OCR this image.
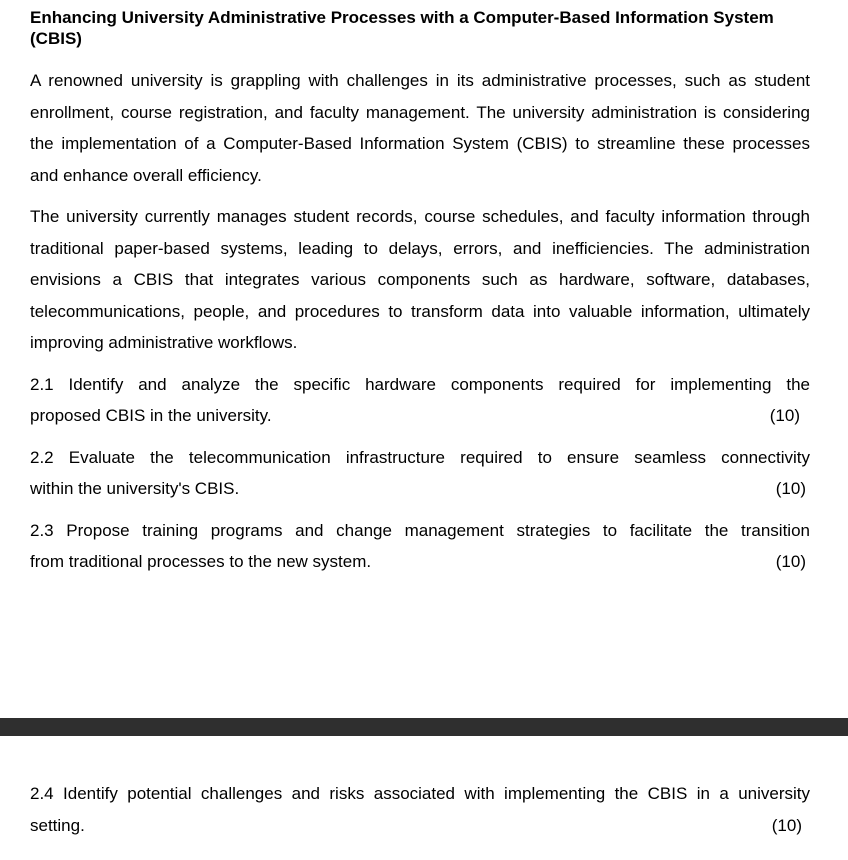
Enhancing University Administrative Processes with a Computer-Based Information System (CBIS)

A renowned university is grappling with challenges in its administrative processes, such as student enrollment, course registration, and faculty management. The university administration is considering the implementation of a Computer-Based Information System (CBIS) to streamline these processes and enhance overall efficiency.

The university currently manages student records, course schedules, and faculty information through traditional paper-based systems, leading to delays, errors, and inefficiencies. The administration envisions a CBIS that integrates various components such as hardware, software, databases, telecommunications, people, and procedures to transform data into valuable information, ultimately improving administrative workflows.

2.1 Identify and analyze the specific hardware components required for implementing the
proposed CBIS in the university.	(10)
2.2 Evaluate the telecommunication infrastructure required to ensure seamless connectivity
within the university's CBIS.	(10)
2.3 Propose training programs and change management strategies to facilitate the transition
from traditional processes to the new system.	(10)
2.4 Identify potential challenges and risks associated with implementing the CBIS in a university
setting.	(10)
